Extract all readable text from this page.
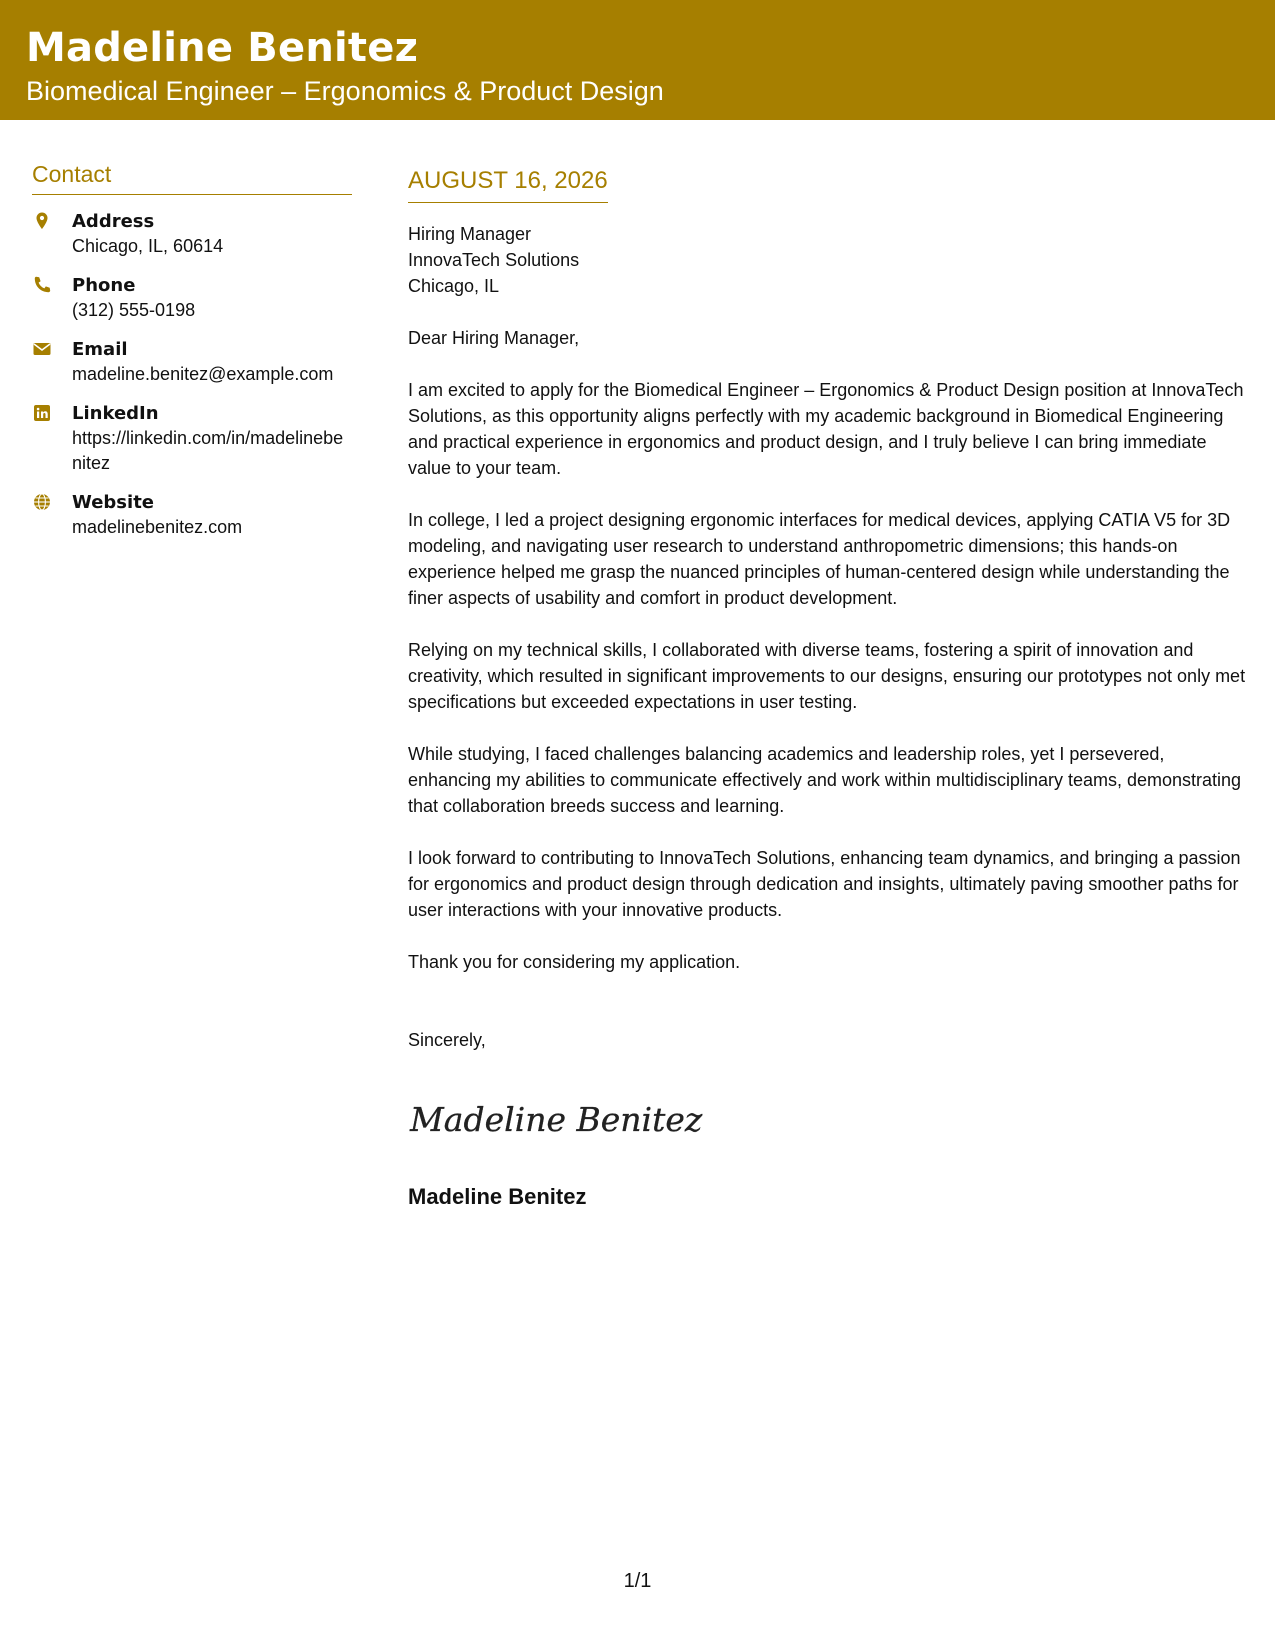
Madeline Benitez
Biomedical Engineer – Ergonomics & Product Design
Contact
Address
Chicago, IL, 60614
Phone
(312) 555-0198
Email
madeline.benitez@example.com
LinkedIn
https://linkedin.com/in/madelinebenitez
Website
madelinebenitez.com
AUGUST 16, 2026
Hiring Manager
InnovaTech Solutions
Chicago, IL
Dear Hiring Manager,
I am excited to apply for the Biomedical Engineer – Ergonomics & Product Design position at InnovaTech Solutions, as this opportunity aligns perfectly with my academic background in Biomedical Engineering and practical experience in ergonomics and product design, and I truly believe I can bring immediate value to your team.
In college, I led a project designing ergonomic interfaces for medical devices, applying CATIA V5 for 3D modeling, and navigating user research to understand anthropometric dimensions; this hands-on experience helped me grasp the nuanced principles of human-centered design while understanding the finer aspects of usability and comfort in product development.
Relying on my technical skills, I collaborated with diverse teams, fostering a spirit of innovation and creativity, which resulted in significant improvements to our designs, ensuring our prototypes not only met specifications but exceeded expectations in user testing.
While studying, I faced challenges balancing academics and leadership roles, yet I persevered, enhancing my abilities to communicate effectively and work within multidisciplinary teams, demonstrating that collaboration breeds success and learning.
I look forward to contributing to InnovaTech Solutions, enhancing team dynamics, and bringing a passion for ergonomics and product design through dedication and insights, ultimately paving smoother paths for user interactions with your innovative products.
Thank you for considering my application.
Sincerely,
Madeline Benitez
Madeline Benitez
1/1
